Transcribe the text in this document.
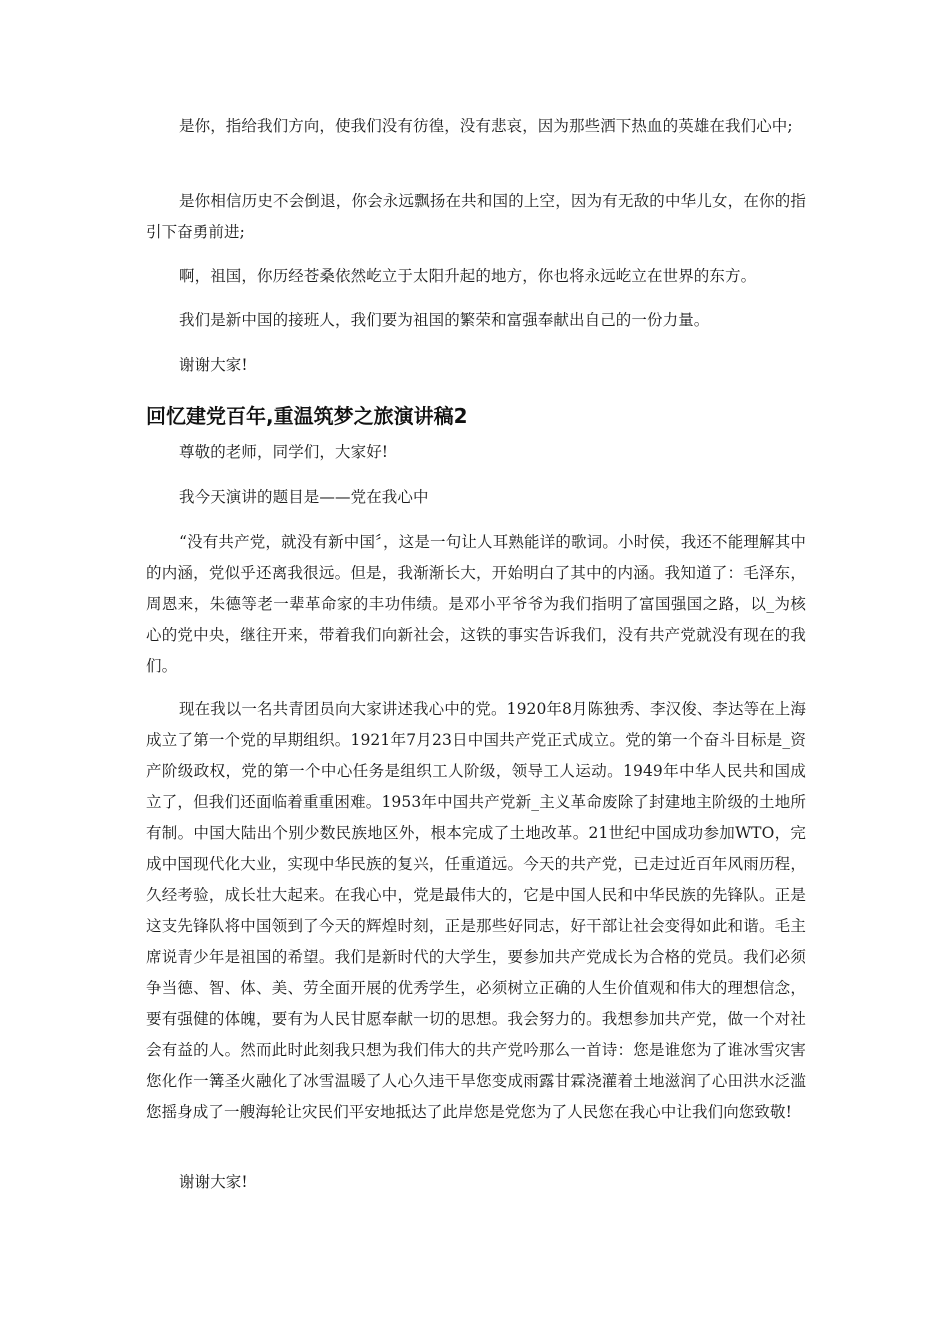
是你，指给我们方向，使我们没有彷徨，没有悲哀，因为那些洒下热血的英雄在我们心中;

是你相信历史不会倒退，你会永远飘扬在共和国的上空，因为有无敌的中华儿女，在你的指引下奋勇前进;

啊，祖国，你历经苍桑依然屹立于太阳升起的地方，你也将永远屹立在世界的东方。

我们是新中国的接班人，我们要为祖国的繁荣和富强奉献出自己的一份力量。

谢谢大家!

回忆建党百年,重温筑梦之旅演讲稿2

尊敬的老师，同学们，大家好!

我今天演讲的题目是——党在我心中

“没有共产党，就没有新中国〞，这是一句让人耳熟能详的歌词。小时侯，我还不能理解其中的内涵，党似乎还离我很远。但是，我渐渐长大，开始明白了其中的内涵。我知道了：毛泽东，周恩来，朱德等老一辈革命家的丰功伟绩。是邓小平爷爷为我们指明了富国强国之路，以_为核心的党中央，继往开来，带着我们向新社会，这铁的事实告诉我们，没有共产党就没有现在的我们。

现在我以一名共青团员向大家讲述我心中的党。1920年8月陈独秀、李汉俊、李达等在上海成立了第一个党的早期组织。1921年7月23日中国共产党正式成立。党的第一个奋斗目标是_资产阶级政权，党的第一个中心任务是组织工人阶级，领导工人运动。1949年中华人民共和国成立了，但我们还面临着重重困难。1953年中国共产党新_主义革命废除了封建地主阶级的土地所有制。中国大陆出个别少数民族地区外，根本完成了土地改革。21世纪中国成功参加WTO，完成中国现代化大业，实现中华民族的复兴，任重道远。今天的共产党，已走过近百年风雨历程，久经考验，成长壮大起来。在我心中，党是最伟大的，它是中国人民和中华民族的先锋队。正是这支先锋队将中国领到了今天的辉煌时刻，正是那些好同志，好干部让社会变得如此和谐。毛主席说青少年是祖国的希望。我们是新时代的大学生，要参加共产党成长为合格的党员。我们必须争当德、智、体、美、劳全面开展的优秀学生，必须树立正确的人生价值观和伟大的理想信念，要有强健的体魄，要有为人民甘愿奉献一切的思想。我会努力的。我想参加共产党，做一个对社会有益的人。然而此时此刻我只想为我们伟大的共产党吟那么一首诗：您是谁您为了谁冰雪灾害您化作一篝圣火融化了冰雪温暖了人心久违干旱您变成雨露甘霖浇灌着土地滋润了心田洪水泛滥您摇身成了一艘海轮让灾民们平安地抵达了此岸您是党您为了人民您在我心中让我们向您致敬!

谢谢大家!
